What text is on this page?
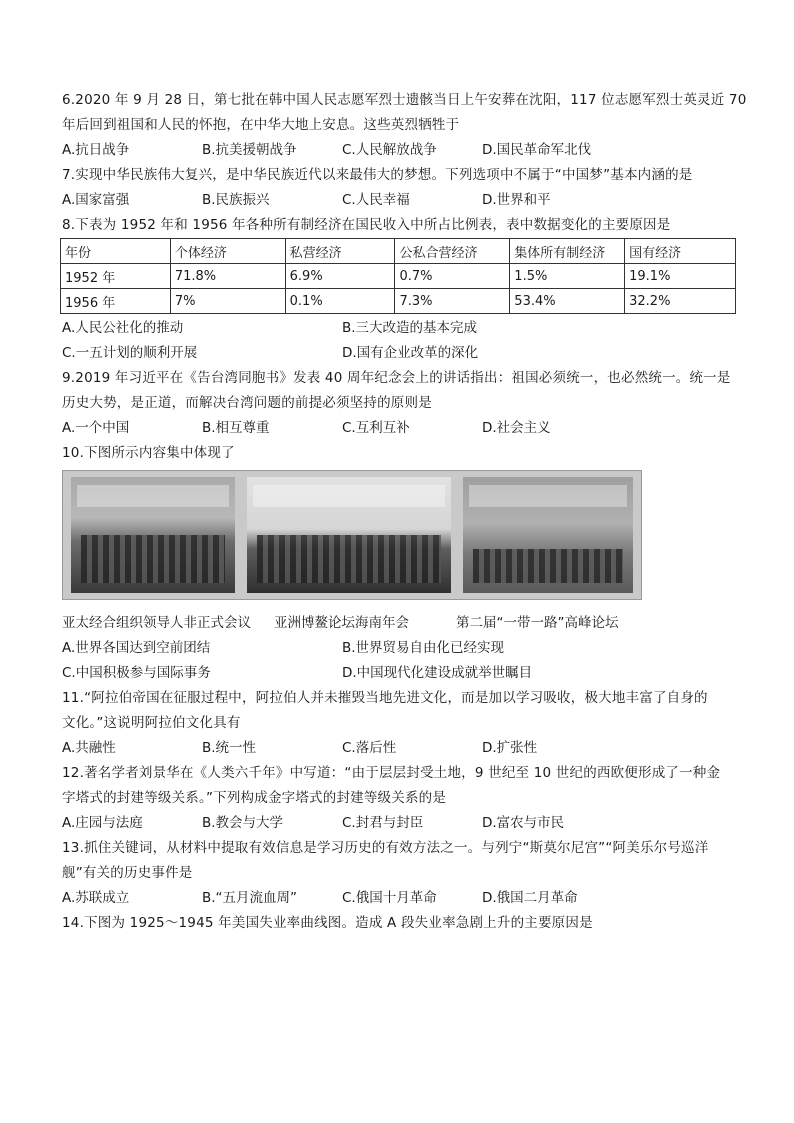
6.2020 年 9 月 28 日，第七批在韩中国人民志愿军烈士遗骸当日上午安葬在沈阳，117 位志愿军烈士英灵近 70
年后回到祖国和人民的怀抱，在中华大地上安息。这些英烈牺牲于
A.抗日战争	B.抗美援朝战争	C.人民解放战争	D.国民革命军北伐
7.实现中华民族伟大复兴，是中华民族近代以来最伟大的梦想。下列选项中不属于“中国梦”基本内涵的是
A.国家富强	B.民族振兴	C.人民幸福	D.世界和平
8.下表为 1952 年和 1956 年各种所有制经济在国民收入中所占比例表，表中数据变化的主要原因是
年份	个体经济	私营经济	公私合营经济	集体所有制经济	国有经济
1952 年	71.8%	6.9%	0.7%	1.5%	19.1%
1956 年	7%	0.1%	7.3%	53.4%	32.2%
A.人民公社化的推动	B.三大改造的基本完成
C.一五计划的顺利开展	D.国有企业改革的深化
9.2019 年习近平在《告台湾同胞书》发表 40 周年纪念会上的讲话指出：祖国必须统一，也必然统一。统一是
历史大势，是正道，而解决台湾问题的前提必须坚持的原则是
A.一个中国	B.相互尊重	C.互利互补	D.社会主义
10.下图所示内容集中体现了
亚太经合组织领导人非正式会议 亚洲博鳌论坛海南年会	第二届“一带一路”高峰论坛
A.世界各国达到空前团结	B.世界贸易自由化已经实现
C.中国积极参与国际事务	D.中国现代化建设成就举世瞩目
11.“阿拉伯帝国在征服过程中，阿拉伯人并未摧毁当地先进文化，而是加以学习吸收，极大地丰富了自身的
文化。”这说明阿拉伯文化具有
A.共融性	B.统一性	C.落后性	D.扩张性
12.著名学者刘景华在《人类六千年》中写道：“由于层层封受土地，9 世纪至 10 世纪的西欧便形成了一种金
字塔式的封建等级关系。”下列构成金字塔式的封建等级关系的是
A.庄园与法庭	B.教会与大学	C.封君与封臣	D.富农与市民
13.抓住关键词，从材料中提取有效信息是学习历史的有效方法之一。与列宁“斯莫尔尼宫”“阿美乐尔号巡洋
舰”有关的历史事件是
A.苏联成立	B.“五月流血周”	C.俄国十月革命	D.俄国二月革命
14.下图为 1925～1945 年美国失业率曲线图。造成 A 段失业率急剧上升的主要原因是
